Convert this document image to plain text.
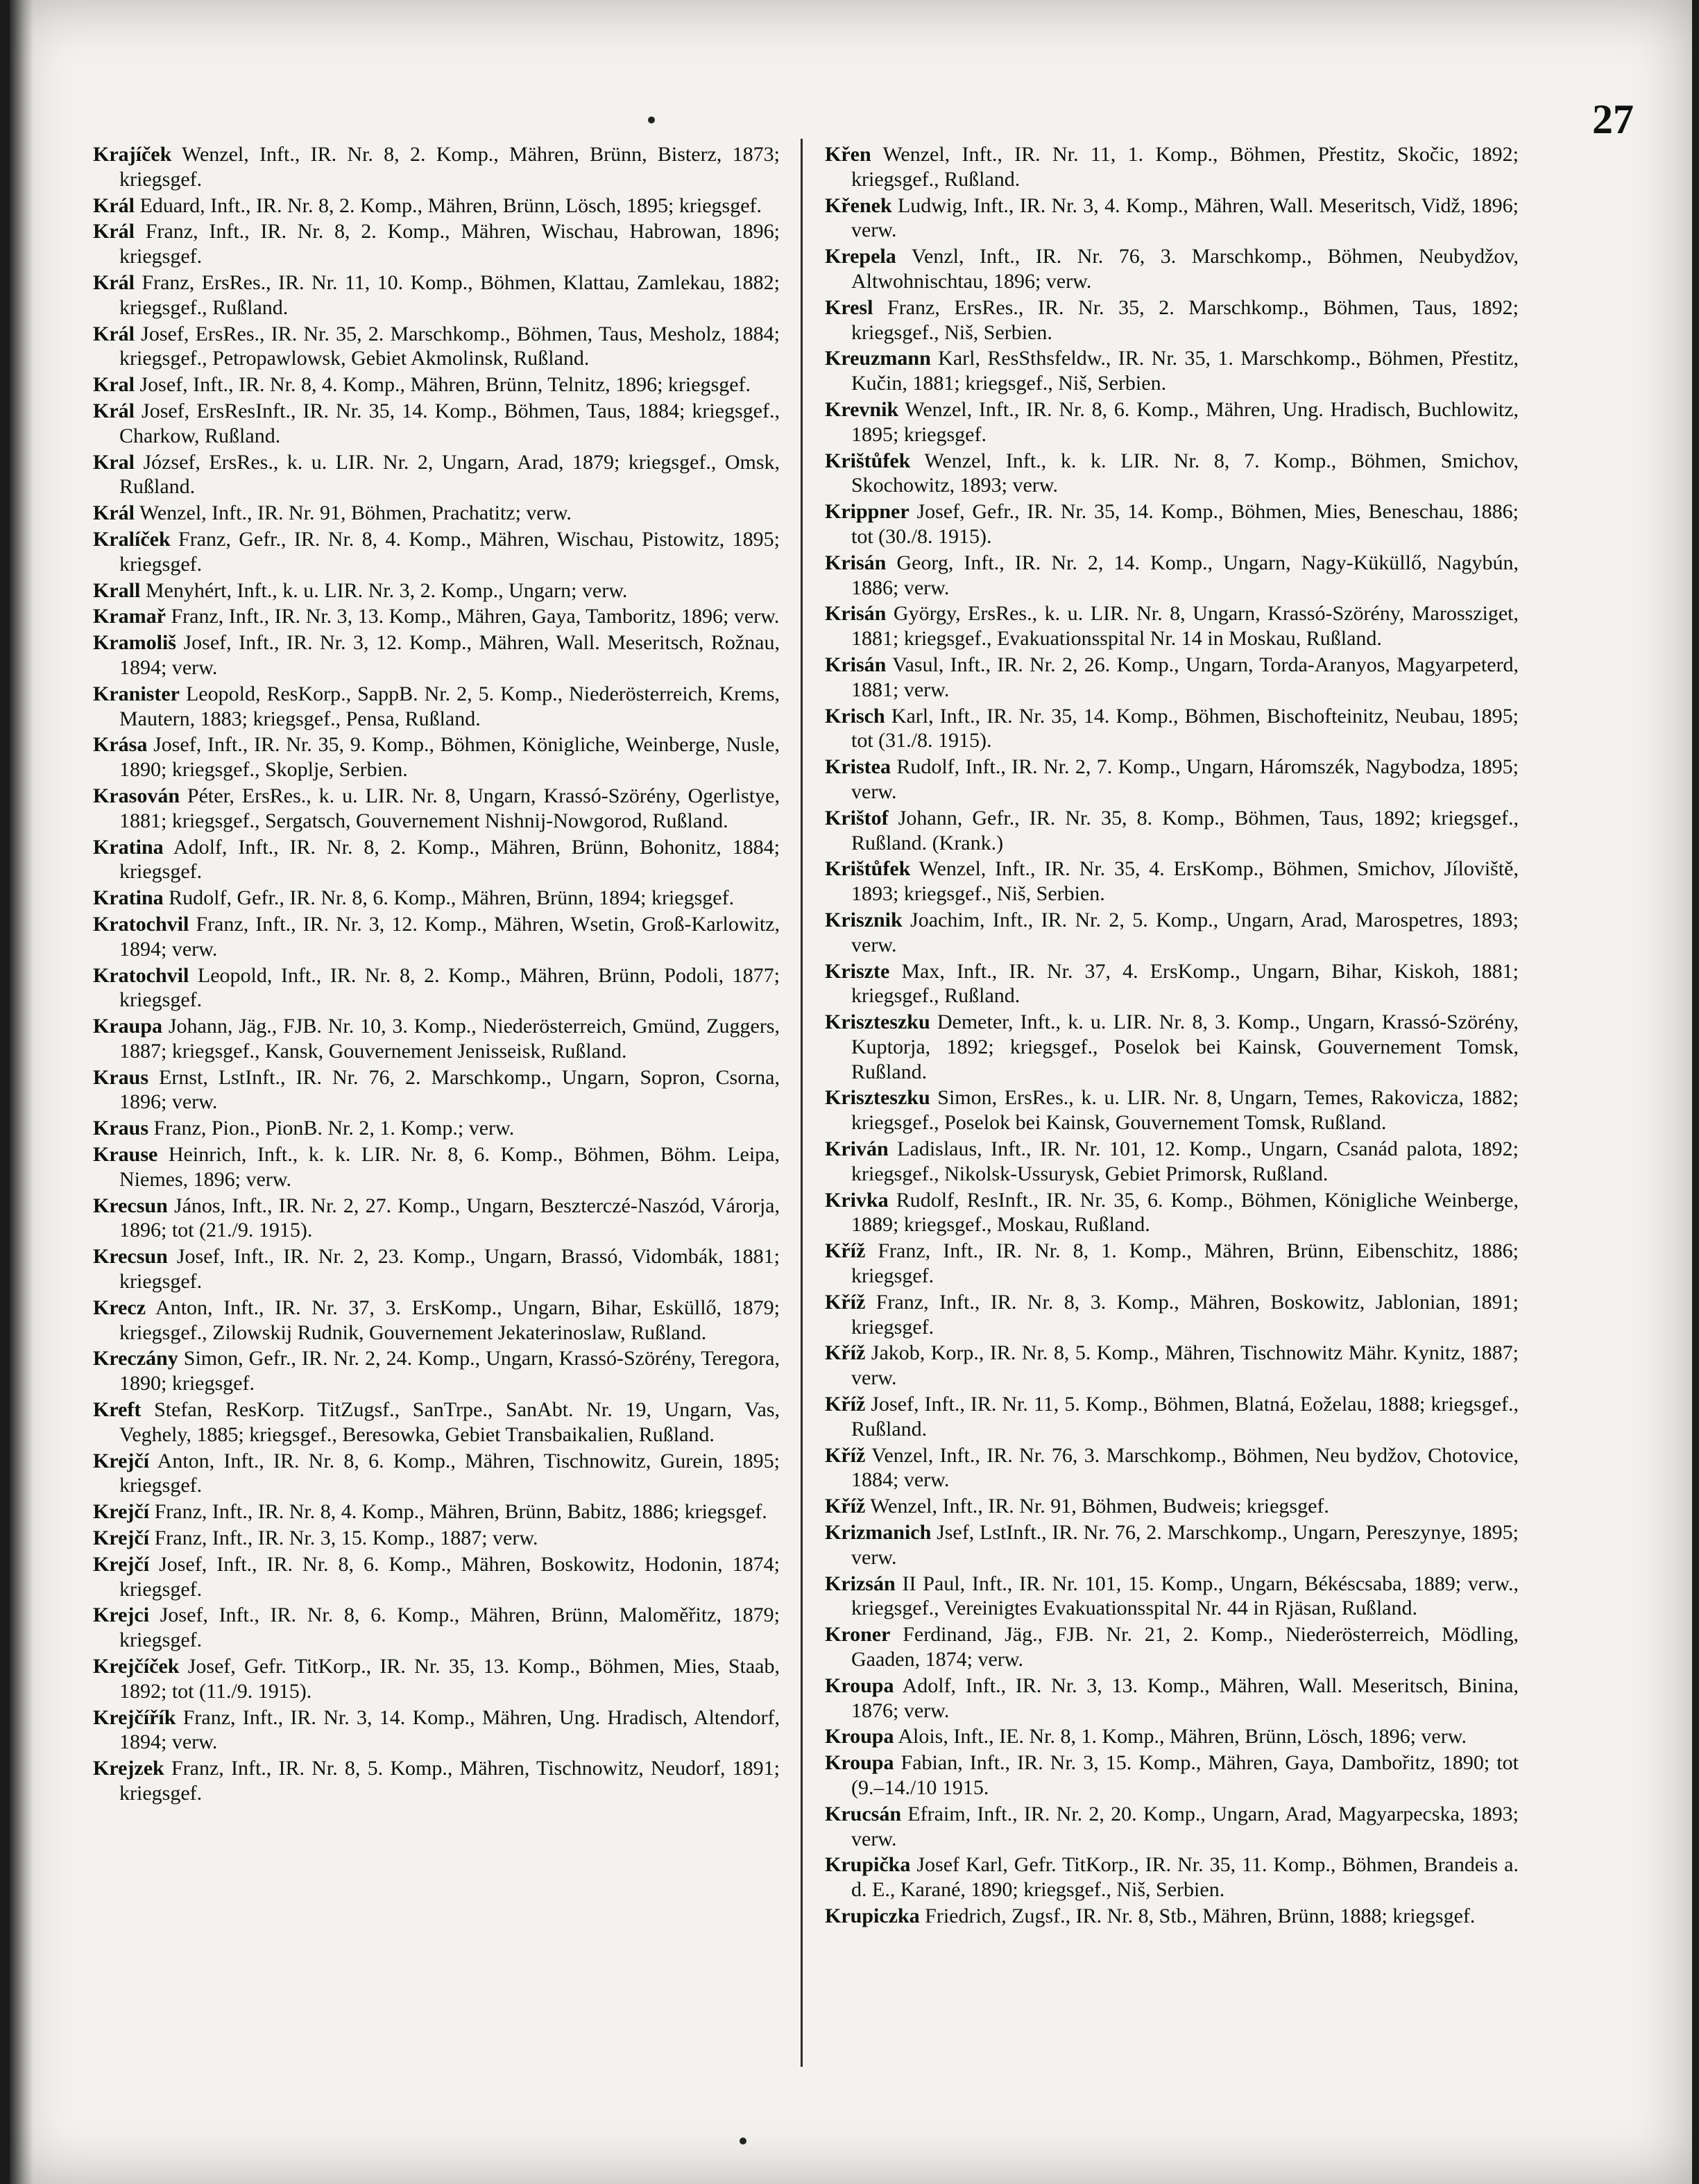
27

Krajíček Wenzel, Inft., IR. Nr. 8, 2. Komp., Mähren, Brünn, Bisterz, 1873; kriegsgef.

Král Eduard, Inft., IR. Nr. 8, 2. Komp., Mähren, Brünn, Lösch, 1895; kriegsgef.

Král Franz, Inft., IR. Nr. 8, 2. Komp., Mähren, Wischau, Habrowan, 1896; kriegsgef.

Král Franz, ErsRes., IR. Nr. 11, 10. Komp., Böhmen, Klattau, Zamlekau, 1882; kriegsgef., Rußland.

Král Josef, ErsRes., IR. Nr. 35, 2. Marschkomp., Böhmen, Taus, Mesholz, 1884; kriegsgef., Petropawlowsk, Gebiet Akmolinsk, Rußland.

Kral Josef, Inft., IR. Nr. 8, 4. Komp., Mähren, Brünn, Telnitz, 1896; kriegsgef.

Král Josef, ErsResInft., IR. Nr. 35, 14. Komp., Böhmen, Taus, 1884; kriegsgef., Charkow, Rußland.

Kral József, ErsRes., k. u. LIR. Nr. 2, Ungarn, Arad, 1879; kriegsgef., Omsk, Rußland.

Král Wenzel, Inft., IR. Nr. 91, Böhmen, Prachatitz; verw.

Kralíček Franz, Gefr., IR. Nr. 8, 4. Komp., Mähren, Wischau, Pistowitz, 1895; kriegsgef.

Krall Menyhért, Inft., k. u. LIR. Nr. 3, 2. Komp., Ungarn; verw.

Kramař Franz, Inft., IR. Nr. 3, 13. Komp., Mähren, Gaya, Tamboritz, 1896; verw.

Kramoliš Josef, Inft., IR. Nr. 3, 12. Komp., Mähren, Wall. Meseritsch, Rožnau, 1894; verw.

Kranister Leopold, ResKorp., SappB. Nr. 2, 5. Komp., Niederösterreich, Krems, Mautern, 1883; kriegsgef., Pensa, Rußland.

Krása Josef, Inft., IR. Nr. 35, 9. Komp., Böhmen, Königliche, Weinberge, Nusle, 1890; kriegsgef., Skoplje, Serbien.

Krasován Péter, ErsRes., k. u. LIR. Nr. 8, Ungarn, Krassó-Szörény, Ogerlistye, 1881; kriegsgef., Sergatsch, Gouvernement Nishnij-Nowgorod, Rußland.

Kratina Adolf, Inft., IR. Nr. 8, 2. Komp., Mähren, Brünn, Bohonitz, 1884; kriegsgef.

Kratina Rudolf, Gefr., IR. Nr. 8, 6. Komp., Mähren, Brünn, 1894; kriegsgef.

Kratochvil Franz, Inft., IR. Nr. 3, 12. Komp., Mähren, Wsetin, Groß-Karlowitz, 1894; verw.

Kratochvil Leopold, Inft., IR. Nr. 8, 2. Komp., Mähren, Brünn, Podoli, 1877; kriegsgef.

Kraupa Johann, Jäg., FJB. Nr. 10, 3. Komp., Niederösterreich, Gmünd, Zuggers, 1887; kriegsgef., Kansk, Gouvernement Jenisseisk, Rußland.

Kraus Ernst, LstInft., IR. Nr. 76, 2. Marschkomp., Ungarn, Sopron, Csorna, 1896; verw.

Kraus Franz, Pion., PionB. Nr. 2, 1. Komp.; verw.

Krause Heinrich, Inft., k. k. LIR. Nr. 8, 6. Komp., Böhmen, Böhm. Leipa, Niemes, 1896; verw.

Krecsun János, Inft., IR. Nr. 2, 27. Komp., Ungarn, Beszterczé-Naszód, Várorja, 1896; tot (21./9. 1915).

Krecsun Josef, Inft., IR. Nr. 2, 23. Komp., Ungarn, Brassó, Vidombák, 1881; kriegsgef.

Krecz Anton, Inft., IR. Nr. 37, 3. ErsKomp., Ungarn, Bihar, Esküllő, 1879; kriegsgef., Zilowskij Rudnik, Gouvernement Jekaterinoslaw, Rußland.

Kreczány Simon, Gefr., IR. Nr. 2, 24. Komp., Ungarn, Krassó-Szörény, Teregora, 1890; kriegsgef.

Kreft Stefan, ResKorp. TitZugsf., SanTrpe., SanAbt. Nr. 19, Ungarn, Vas, Veghely, 1885; kriegsgef., Beresowka, Gebiet Transbaikalien, Rußland.

Krejčí Anton, Inft., IR. Nr. 8, 6. Komp., Mähren, Tischnowitz, Gurein, 1895; kriegsgef.

Krejčí Franz, Inft., IR. Nr. 8, 4. Komp., Mähren, Brünn, Babitz, 1886; kriegsgef.

Krejčí Franz, Inft., IR. Nr. 3, 15. Komp., 1887; verw.

Krejčí Josef, Inft., IR. Nr. 8, 6. Komp., Mähren, Boskowitz, Hodonin, 1874; kriegsgef.

Krejci Josef, Inft., IR. Nr. 8, 6. Komp., Mähren, Brünn, Maloměřitz, 1879; kriegsgef.

Krejčíček Josef, Gefr. TitKorp., IR. Nr. 35, 13. Komp., Böhmen, Mies, Staab, 1892; tot (11./9. 1915).

Krejčířík Franz, Inft., IR. Nr. 3, 14. Komp., Mähren, Ung. Hradisch, Altendorf, 1894; verw.

Krejzek Franz, Inft., IR. Nr. 8, 5. Komp., Mähren, Tischnowitz, Neudorf, 1891; kriegsgef.

Křen Wenzel, Inft., IR. Nr. 11, 1. Komp., Böhmen, Přestitz, Skočic, 1892; kriegsgef., Rußland.

Křenek Ludwig, Inft., IR. Nr. 3, 4. Komp., Mähren, Wall. Meseritsch, Vidž, 1896; verw.

Krepela Venzl, Inft., IR. Nr. 76, 3. Marschkomp., Böhmen, Neubydžov, Altwohnischtau, 1896; verw.

Kresl Franz, ErsRes., IR. Nr. 35, 2. Marschkomp., Böhmen, Taus, 1892; kriegsgef., Niš, Serbien.

Kreuzmann Karl, ResSthsfeldw., IR. Nr. 35, 1. Marschkomp., Böhmen, Přestitz, Kučin, 1881; kriegsgef., Niš, Serbien.

Krevnik Wenzel, Inft., IR. Nr. 8, 6. Komp., Mähren, Ung. Hradisch, Buchlowitz, 1895; kriegsgef.

Krištůfek Wenzel, Inft., k. k. LIR. Nr. 8, 7. Komp., Böhmen, Smichov, Skochowitz, 1893; verw.

Krippner Josef, Gefr., IR. Nr. 35, 14. Komp., Böhmen, Mies, Beneschau, 1886; tot (30./8. 1915).

Krisán Georg, Inft., IR. Nr. 2, 14. Komp., Ungarn, Nagy-Küküllő, Nagybún, 1886; verw.

Krisán György, ErsRes., k. u. LIR. Nr. 8, Ungarn, Krassó-Szörény, Marossziget, 1881; kriegsgef., Evakuationsspital Nr. 14 in Moskau, Rußland.

Krisán Vasul, Inft., IR. Nr. 2, 26. Komp., Ungarn, Torda-Aranyos, Magyarpeterd, 1881; verw.

Krisch Karl, Inft., IR. Nr. 35, 14. Komp., Böhmen, Bischofteinitz, Neubau, 1895; tot (31./8. 1915).

Kristea Rudolf, Inft., IR. Nr. 2, 7. Komp., Ungarn, Háromszék, Nagybodza, 1895; verw.

Krištof Johann, Gefr., IR. Nr. 35, 8. Komp., Böhmen, Taus, 1892; kriegsgef., Rußland. (Krank.)

Krištůfek Wenzel, Inft., IR. Nr. 35, 4. ErsKomp., Böhmen, Smichov, Jíloviště, 1893; kriegsgef., Niš, Serbien.

Krisznik Joachim, Inft., IR. Nr. 2, 5. Komp., Ungarn, Arad, Marospetres, 1893; verw.

Kriszte Max, Inft., IR. Nr. 37, 4. ErsKomp., Ungarn, Bihar, Kiskoh, 1881; kriegsgef., Rußland.

Kriszteszku Demeter, Inft., k. u. LIR. Nr. 8, 3. Komp., Ungarn, Krassó-Szörény, Kuptorja, 1892; kriegsgef., Poselok bei Kainsk, Gouvernement Tomsk, Rußland.

Kriszteszku Simon, ErsRes., k. u. LIR. Nr. 8, Ungarn, Temes, Rakovicza, 1882; kriegsgef., Poselok bei Kainsk, Gouvernement Tomsk, Rußland.

Kriván Ladislaus, Inft., IR. Nr. 101, 12. Komp., Ungarn, Csanád palota, 1892; kriegsgef., Nikolsk-Ussurysk, Gebiet Primorsk, Rußland.

Krivka Rudolf, ResInft., IR. Nr. 35, 6. Komp., Böhmen, Königliche Weinberge, 1889; kriegsgef., Moskau, Rußland.

Kříž Franz, Inft., IR. Nr. 8, 1. Komp., Mähren, Brünn, Eibenschitz, 1886; kriegsgef.

Kříž Franz, Inft., IR. Nr. 8, 3. Komp., Mähren, Boskowitz, Jablonian, 1891; kriegsgef.

Kříž Jakob, Korp., IR. Nr. 8, 5. Komp., Mähren, Tischnowitz Mähr. Kynitz, 1887; verw.

Kříž Josef, Inft., IR. Nr. 11, 5. Komp., Böhmen, Blatná, Eoželau, 1888; kriegsgef., Rußland.

Kříž Venzel, Inft., IR. Nr. 76, 3. Marschkomp., Böhmen, Neu bydžov, Chotovice, 1884; verw.

Kříž Wenzel, Inft., IR. Nr. 91, Böhmen, Budweis; kriegsgef.

Krizmanich Jsef, LstInft., IR. Nr. 76, 2. Marschkomp., Ungarn, Pereszynye, 1895; verw.

Krizsán II Paul, Inft., IR. Nr. 101, 15. Komp., Ungarn, Békéscsaba, 1889; verw., kriegsgef., Vereinigtes Evakuationsspital Nr. 44 in Rjäsan, Rußland.

Kroner Ferdinand, Jäg., FJB. Nr. 21, 2. Komp., Niederösterreich, Mödling, Gaaden, 1874; verw.

Kroupa Adolf, Inft., IR. Nr. 3, 13. Komp., Mähren, Wall. Meseritsch, Binina, 1876; verw.

Kroupa Alois, Inft., IE. Nr. 8, 1. Komp., Mähren, Brünn, Lösch, 1896; verw.

Kroupa Fabian, Inft., IR. Nr. 3, 15. Komp., Mähren, Gaya, Dambořitz, 1890; tot (9.–14./10 1915.

Krucsán Efraim, Inft., IR. Nr. 2, 20. Komp., Ungarn, Arad, Magyarpecska, 1893; verw.

Krupička Josef Karl, Gefr. TitKorp., IR. Nr. 35, 11. Komp., Böhmen, Brandeis a. d. E., Karané, 1890; kriegsgef., Niš, Serbien.

Krupiczka Friedrich, Zugsf., IR. Nr. 8, Stb., Mähren, Brünn, 1888; kriegsgef.
